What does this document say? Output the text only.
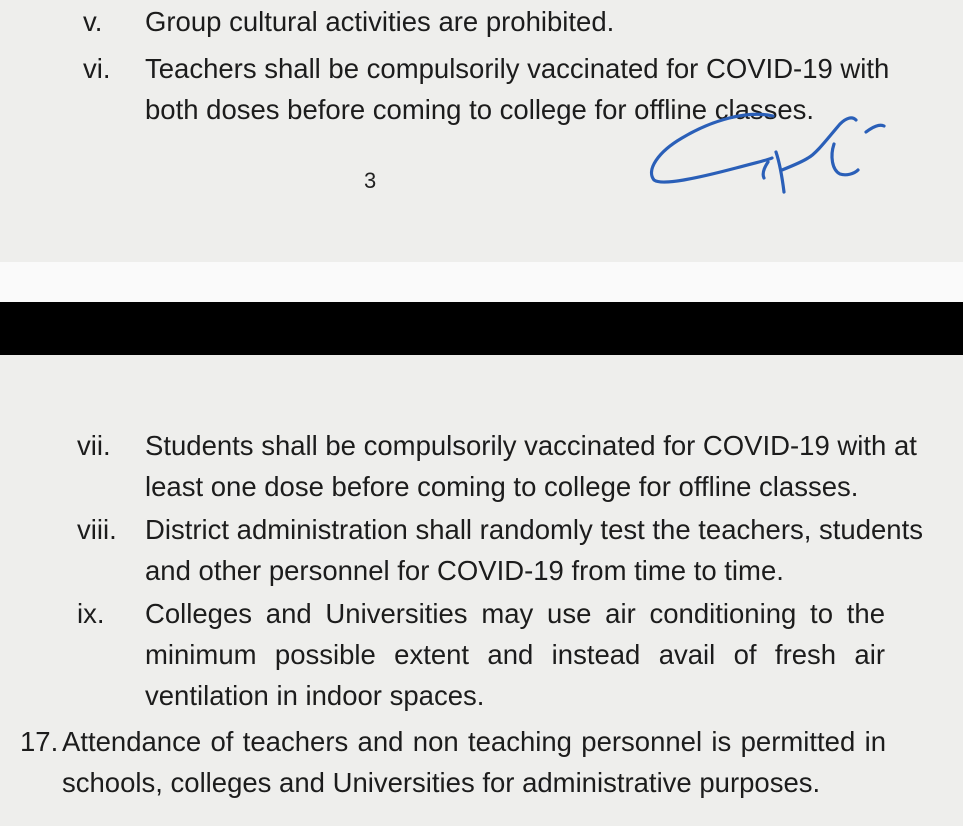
v. Group cultural activities are prohibited.
vi. Teachers shall be compulsorily vaccinated for COVID-19 with
both doses before coming to college for offline classes.
3
vii. Students shall be compulsorily vaccinated for COVID-19 with at
least one dose before coming to college for offline classes.
viii. District administration shall randomly test the teachers, students
and other personnel for COVID-19 from time to time.
ix. Colleges and Universities may use air conditioning to the
minimum possible extent and instead avail of fresh air
ventilation in indoor spaces.
17. Attendance of teachers and non teaching personnel is permitted in
schools, colleges and Universities for administrative purposes.
